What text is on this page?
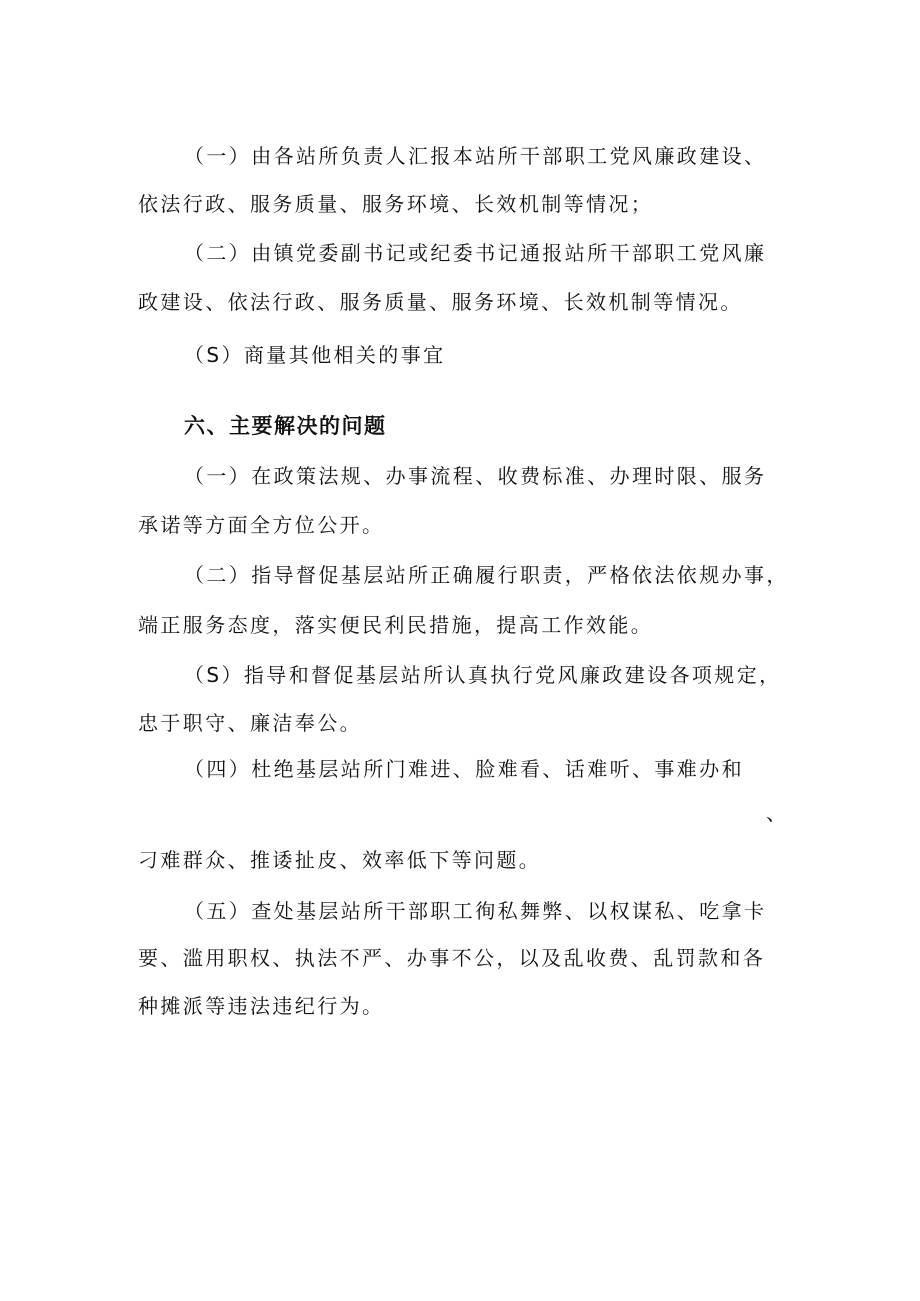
（一）由各站所负责人汇报本站所干部职工党风廉政建设、
依法行政、服务质量、服务环境、长效机制等情况；
（二）由镇党委副书记或纪委书记通报站所干部职工党风廉
政建设、依法行政、服务质量、服务环境、长效机制等情况。
（S）商量其他相关的事宜
六、主要解决的问题
（一）在政策法规、办事流程、收费标准、办理时限、服务
承诺等方面全方位公开。
（二）指导督促基层站所正确履行职责，严格依法依规办事，
端正服务态度，落实便民利民措施，提高工作效能。
（S）指导和督促基层站所认真执行党风廉政建设各项规定，
忠于职守、廉洁奉公。
（四）杜绝基层站所门难进、脸难看、话难听、事难办和
、
刁难群众、推诿扯皮、效率低下等问题。
（五）查处基层站所干部职工徇私舞弊、以权谋私、吃拿卡
要、滥用职权、执法不严、办事不公，以及乱收费、乱罚款和各
种摊派等违法违纪行为。
